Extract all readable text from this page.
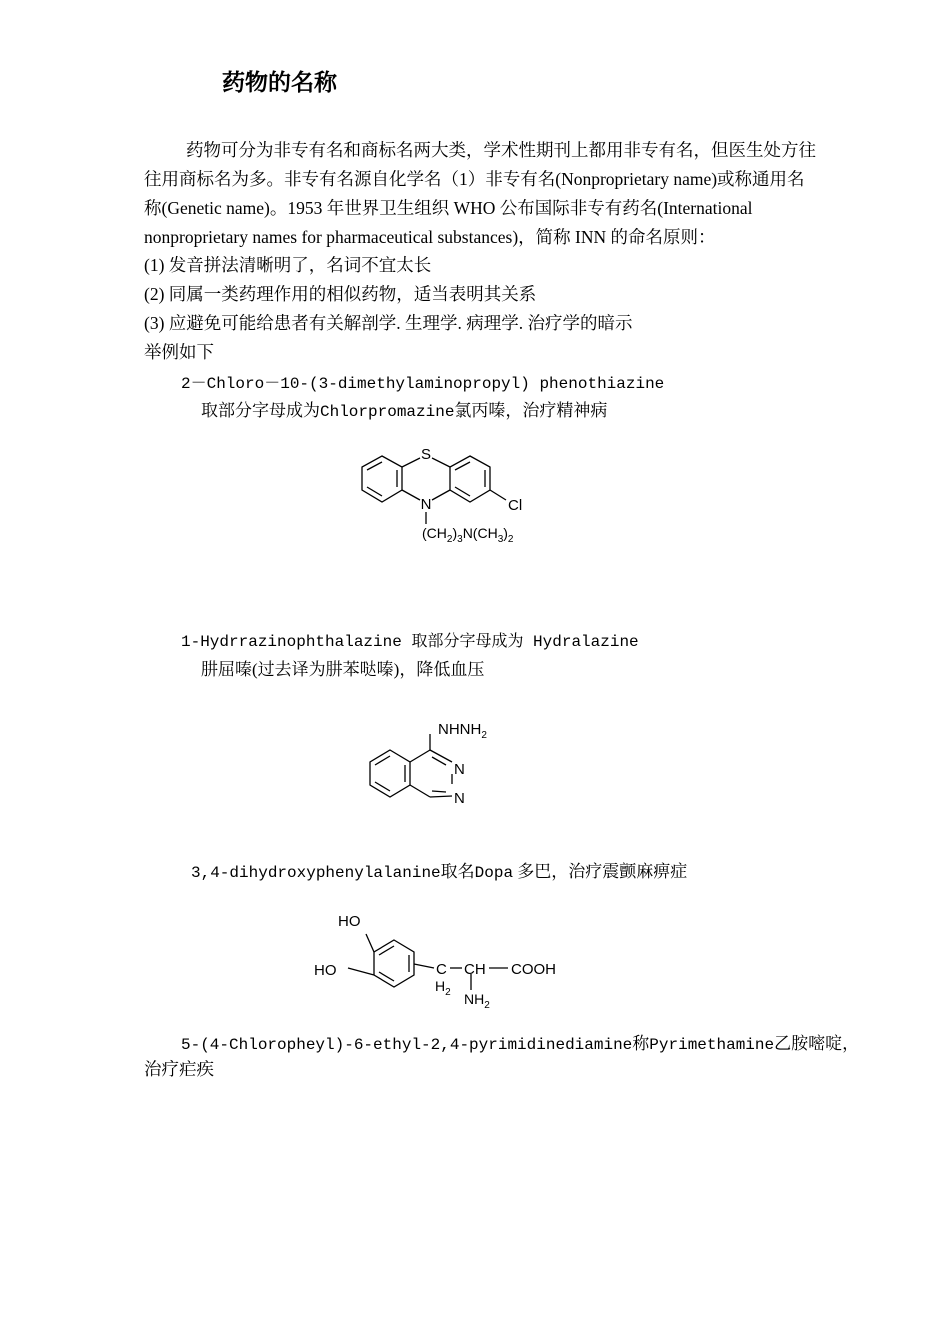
药物的名称
药物可分为非专有名和商标名两大类，学术性期刊上都用非专有名，但医生处方往
往用商标名为多。非专有名源自化学名（1）非专有名(Nonproprietary name)或称通用名
称(Genetic name)。1953 年世界卫生组织 WHO 公布国际非专有药名(International
nonproprietary names for pharmaceutical substances)，简称 INN 的命名原则：
(1) 发音拼法清晰明了，名词不宜太长
(2) 同属一类药理作用的相似药物，适当表明其关系
(3) 应避免可能给患者有关解剖学. 生理学. 病理学. 治疗学的暗示
举例如下
2－Chloro－10-(3-dimethylaminopropyl) phenothiazine
取部分字母成为Chlorpromazine氯丙嗪，治疗精神病
S
N	Cl
$(CH_2)_3N(CH_3)_2$
1-Hydrrazinophthalazine 取部分字母成为 Hydralazine
肼屈嗪(过去译为肼苯哒嗪)，降低血压
$NHNH_2$
N
N
3,4-dihydroxyphenylalanine取名Dopa 多巴，治疗震颤麻痹症
HO
HO	C
$H_2$
CH COOH
$NH_2$
5-(4-Chloropheyl)-6-ethyl-2,4-pyrimidinediamine称Pyrimethamine乙胺嘧啶，
治疗疟疾
